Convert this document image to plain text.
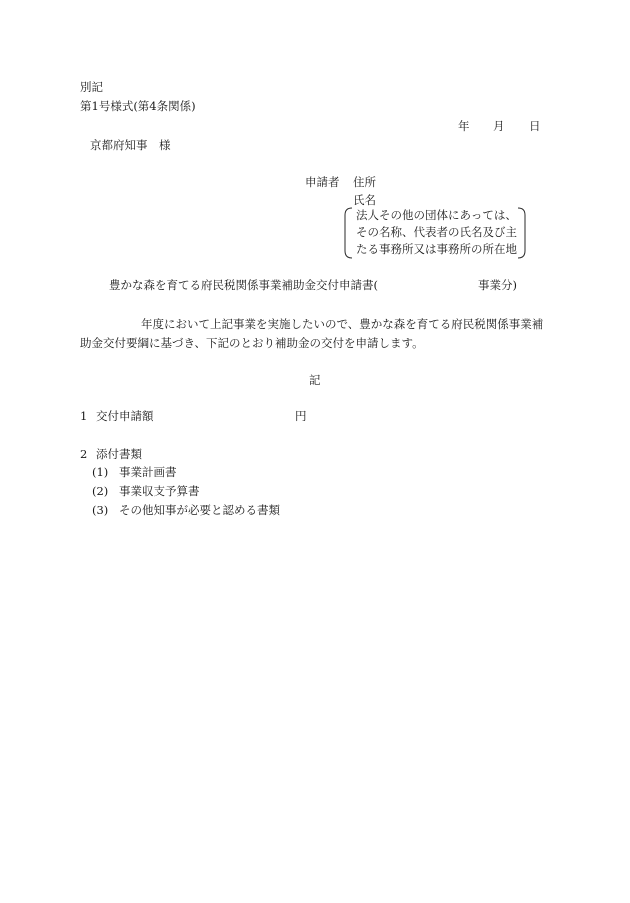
別記
第1号様式(第4条関係)
年 月 日
京都府知事　様
申請者 住所
氏名
法人その他の団体にあっては、
その名称、代表者の氏名及び主
たる事務所又は事務所の所在地
豊かな森を育てる府民税関係事業補助金交付申請書(	事業分)
年度において上記事業を実施したいので、豊かな森を育てる府民税関係事業補
助金交付要綱に基づき、下記のとおり補助金の交付を申請します。
記
1 交付申請額	円
2 添付書類
(1) 事業計画書
(2) 事業収支予算書
(3) その他知事が必要と認める書類
